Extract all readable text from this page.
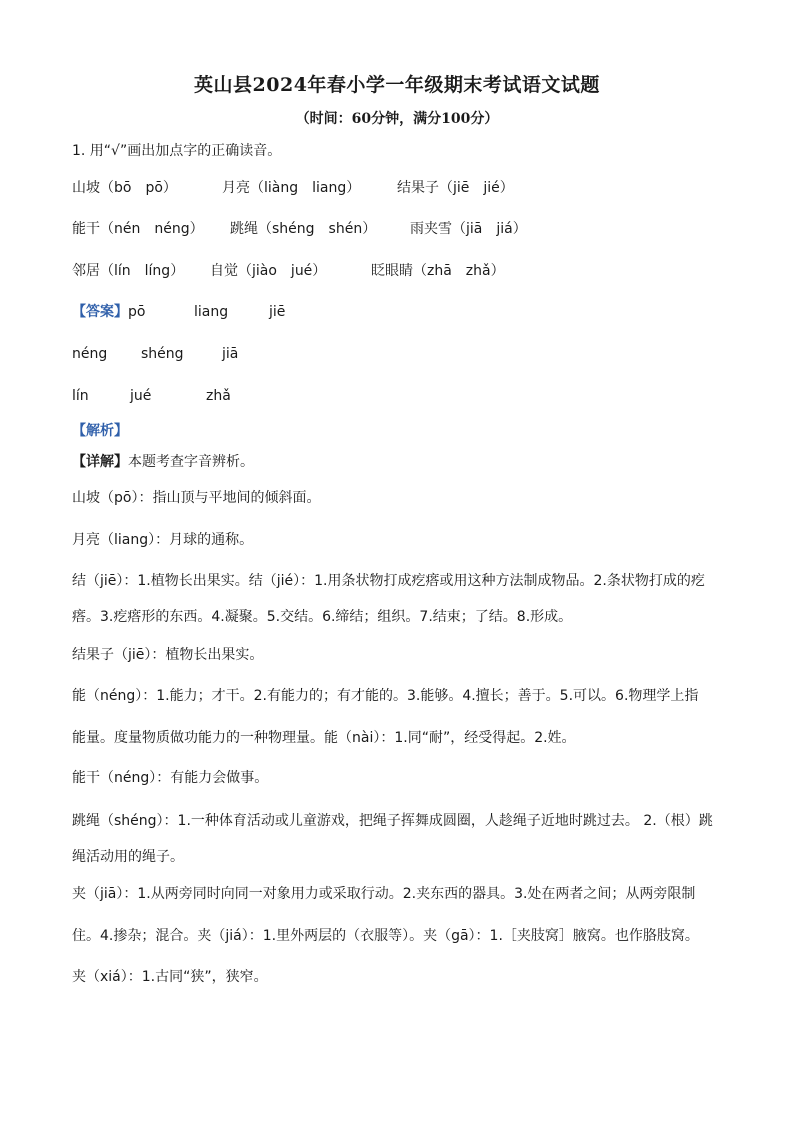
英山县2024年春小学一年级期末考试语文试题
（时间：60分钟，满分100分）
1. 用“√”画出加点字的正确读音。
山坡（bō　pō）	月亮（liàng　liang）	结果子（jiē　jié）
能干（nén　néng） 跳绳（shéng　shén） 雨夹雪（jiā　jiá）
邻居（lín　líng） 自觉（jiào　jué）	眨眼睛（zhā　zhǎ）
【答案】 pō	liang	jiē
néng shéng	jiā
lín	jué	zhǎ
【解析】
【详解】本题考查字音辨析。
山坡（pō）：指山顶与平地间的倾斜面。
月亮（liang）：月球的通称。
结（jiē）：1.植物长出果实。结（jié）：1.用条状物打成疙瘩或用这种方法制成物品。2.条状物打成的疙
瘩。3.疙瘩形的东西。4.凝聚。5.交结。6.缔结；组织。7.结束；了结。8.形成。
结果子（jiē）：植物长出果实。
能（néng）：1.能力；才干。2.有能力的；有才能的。3.能够。4.擅长；善于。5.可以。6.物理学上指
能量。度量物质做功能力的一种物理量。能（nài）：1.同“耐”，经受得起。2.姓。
能干（néng）：有能力会做事。
跳绳（shéng）：1.一种体育活动或儿童游戏，把绳子挥舞成圆圈，人趁绳子近地时跳过去。 2.（根）跳
绳活动用的绳子。
夹（jiā）：1.从两旁同时向同一对象用力或采取行动。2.夹东西的器具。3.处在两者之间；从两旁限制
住。4.掺杂；混合。夹（jiá）：1.里外两层的（衣服等）。夹（gā）：1.［夹肢窝］腋窝。也作胳肢窝。
夹（xiá）：1.古同“狭”，狭窄。
